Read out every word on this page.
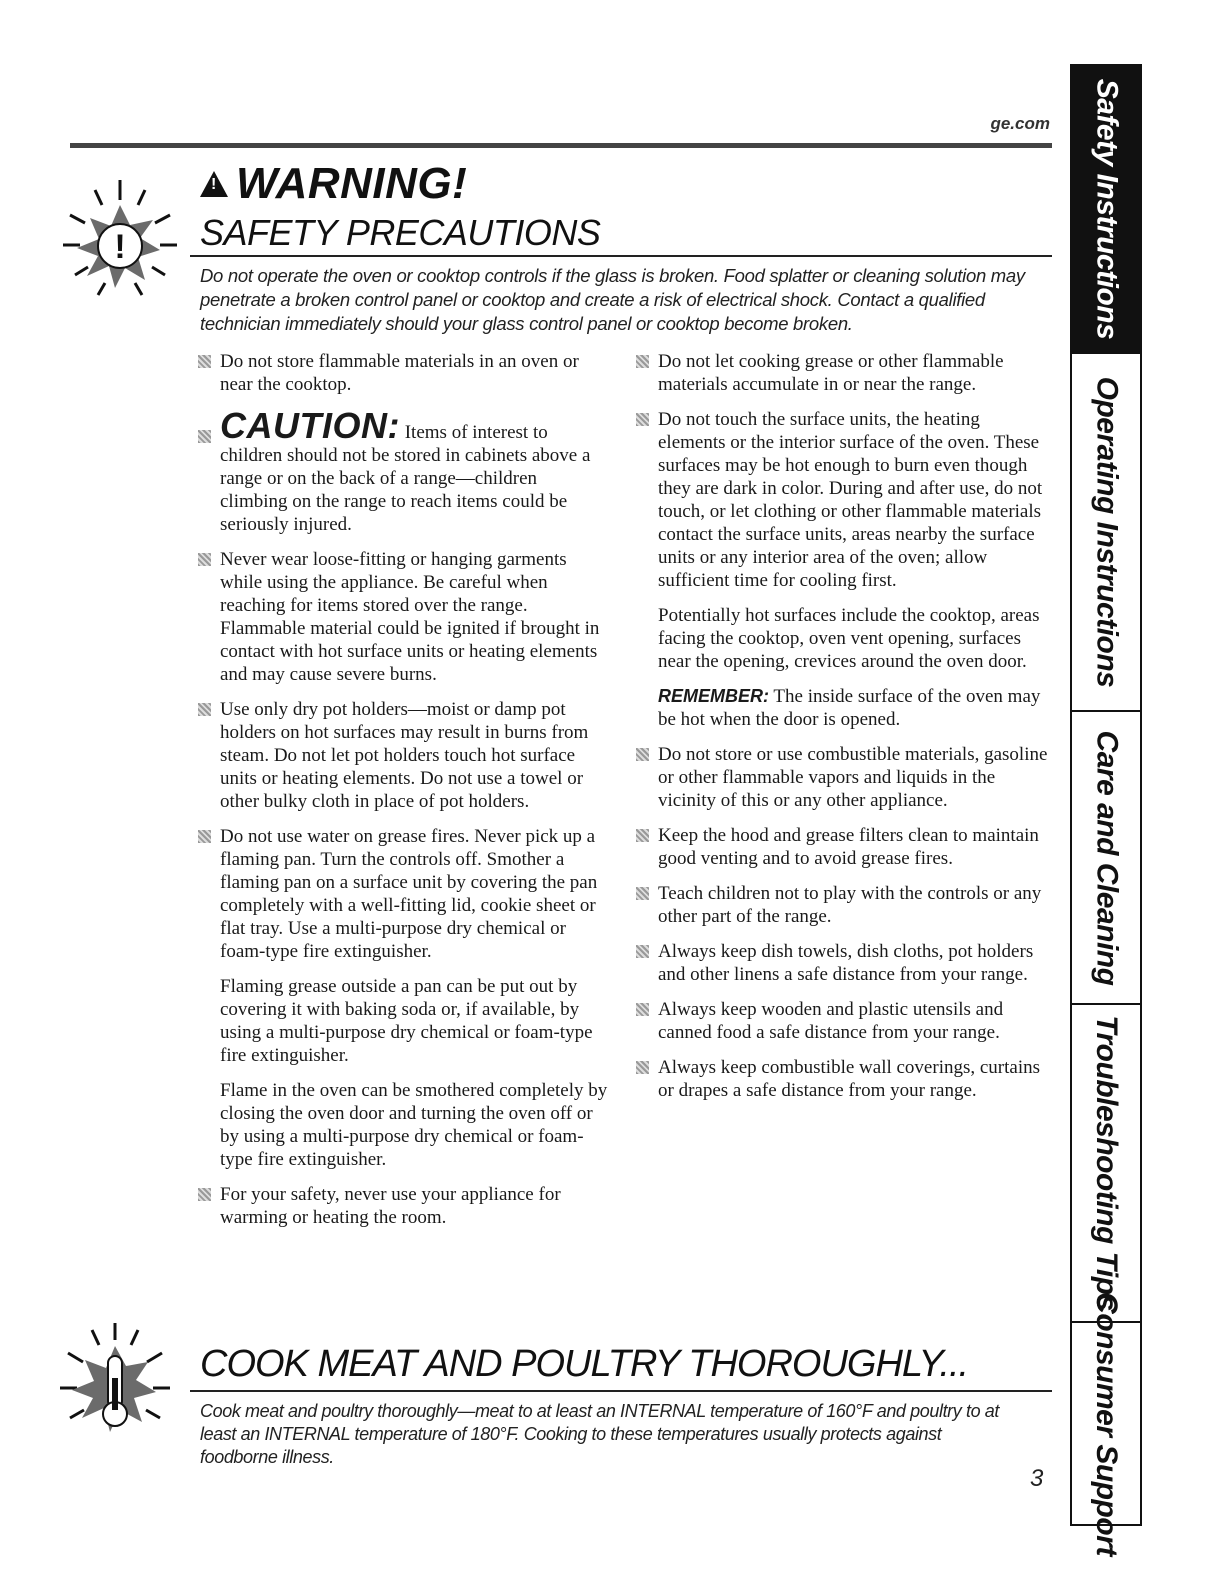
ge.com
!
!
WARNING!
SAFETY PRECAUTIONS
Do not operate the oven or cooktop controls if the glass is broken. Food splatter or cleaning solution may penetrate a broken control panel or cooktop and create a risk of electrical shock. Contact a qualified technician immediately should your glass control panel or cooktop become broken.
Do not store flammable materials in an oven or near the cooktop.
CAUTION: Items of interest to children should not be stored in cabinets above a range or on the back of a range—children climbing on the range to reach items could be seriously injured.
Never wear loose-fitting or hanging garments while using the appliance. Be careful when reaching for items stored over the range. Flammable material could be ignited if brought in contact with hot surface units or heating elements and may cause severe burns.
Use only dry pot holders—moist or damp pot holders on hot surfaces may result in burns from steam. Do not let pot holders touch hot surface units or heating elements. Do not use a towel or other bulky cloth in place of pot holders.
Do not use water on grease fires. Never pick up a flaming pan. Turn the controls off. Smother a flaming pan on a surface unit by covering the pan completely with a well-fitting lid, cookie sheet or flat tray. Use a multi-purpose dry chemical or foam-type fire extinguisher.
Flaming grease outside a pan can be put out by covering it with baking soda or, if available, by using a multi-purpose dry chemical or foam-type fire extinguisher.
Flame in the oven can be smothered completely by closing the oven door and turning the oven off or by using a multi-purpose dry chemical or foam-type fire extinguisher.
For your safety, never use your appliance for warming or heating the room.
Do not let cooking grease or other flammable materials accumulate in or near the range.
Do not touch the surface units, the heating elements or the interior surface of the oven. These surfaces may be hot enough to burn even though they are dark in color. During and after use, do not touch, or let clothing or other flammable materials contact the surface units, areas nearby the surface units or any interior area of the oven; allow sufficient time for cooling first.
Potentially hot surfaces include the cooktop, areas facing the cooktop, oven vent opening, surfaces near the opening, crevices around the oven door.
REMEMBER: The inside surface of the oven may be hot when the door is opened.
Do not store or use combustible materials, gasoline or other flammable vapors and liquids in the vicinity of this or any other appliance.
Keep the hood and grease filters clean to maintain good venting and to avoid grease fires.
Teach children not to play with the controls or any other part of the range.
Always keep dish towels, dish cloths, pot holders and other linens a safe distance from your range.
Always keep wooden and plastic utensils and canned food a safe distance from your range.
Always keep combustible wall coverings, curtains or drapes a safe distance from your range.
COOK MEAT AND POULTRY THOROUGHLY...
Cook meat and poultry thoroughly—meat to at least an INTERNAL temperature of 160°F and poultry to at least an INTERNAL temperature of 180°F. Cooking to these temperatures usually protects against foodborne illness.
3
Safety Instructions
Operating Instructions
Care and Cleaning
Troubleshooting Tips
Consumer Support
